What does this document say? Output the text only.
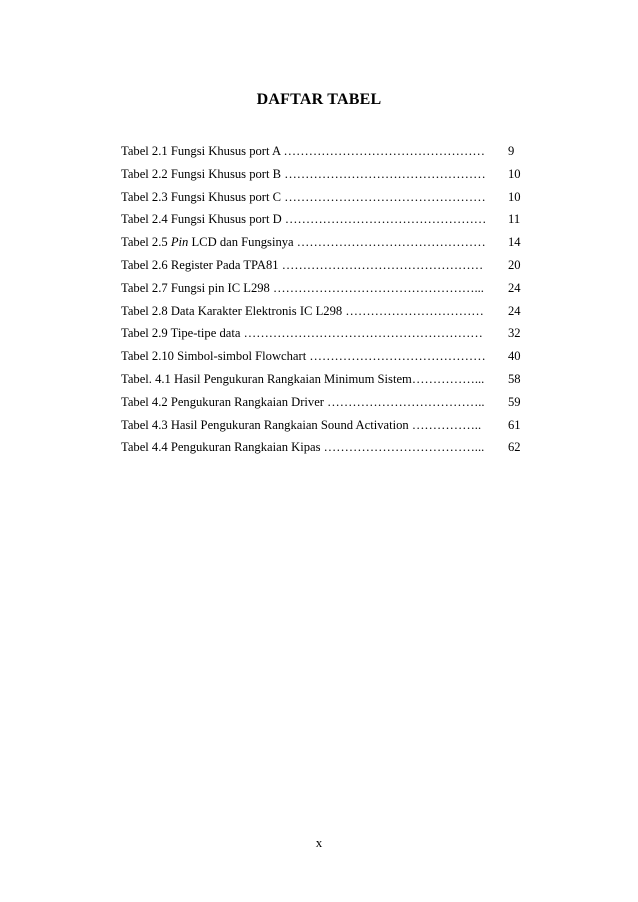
DAFTAR TABEL
Tabel 2.1 Fungsi Khusus port A …………………………………………	9
Tabel 2.2 Fungsi Khusus port B …………………………………………	10
Tabel 2.3 Fungsi Khusus port C …………………………………………	10
Tabel 2.4 Fungsi Khusus port D …………………………………………	11
Tabel 2.5 Pin LCD dan Fungsinya ………………………………………	14
Tabel 2.6 Register Pada TPA81 …………………………………………	20
Tabel 2.7 Fungsi pin IC L298 …………………………………………...	24
Tabel 2.8 Data Karakter Elektronis IC L298 ……………………………	24
Tabel 2.9 Tipe-tipe data …………………………………………………	32
Tabel 2.10 Simbol-simbol Flowchart ……………………………………	40
Tabel. 4.1 Hasil Pengukuran Rangkaian Minimum Sistem……………...	58
Tabel 4.2 Pengukuran Rangkaian Driver ………………………………..	59
Tabel 4.3 Hasil Pengukuran Rangkaian Sound Activation ……………..	61
Tabel 4.4 Pengukuran Rangkaian Kipas ………………………………...	62
x
